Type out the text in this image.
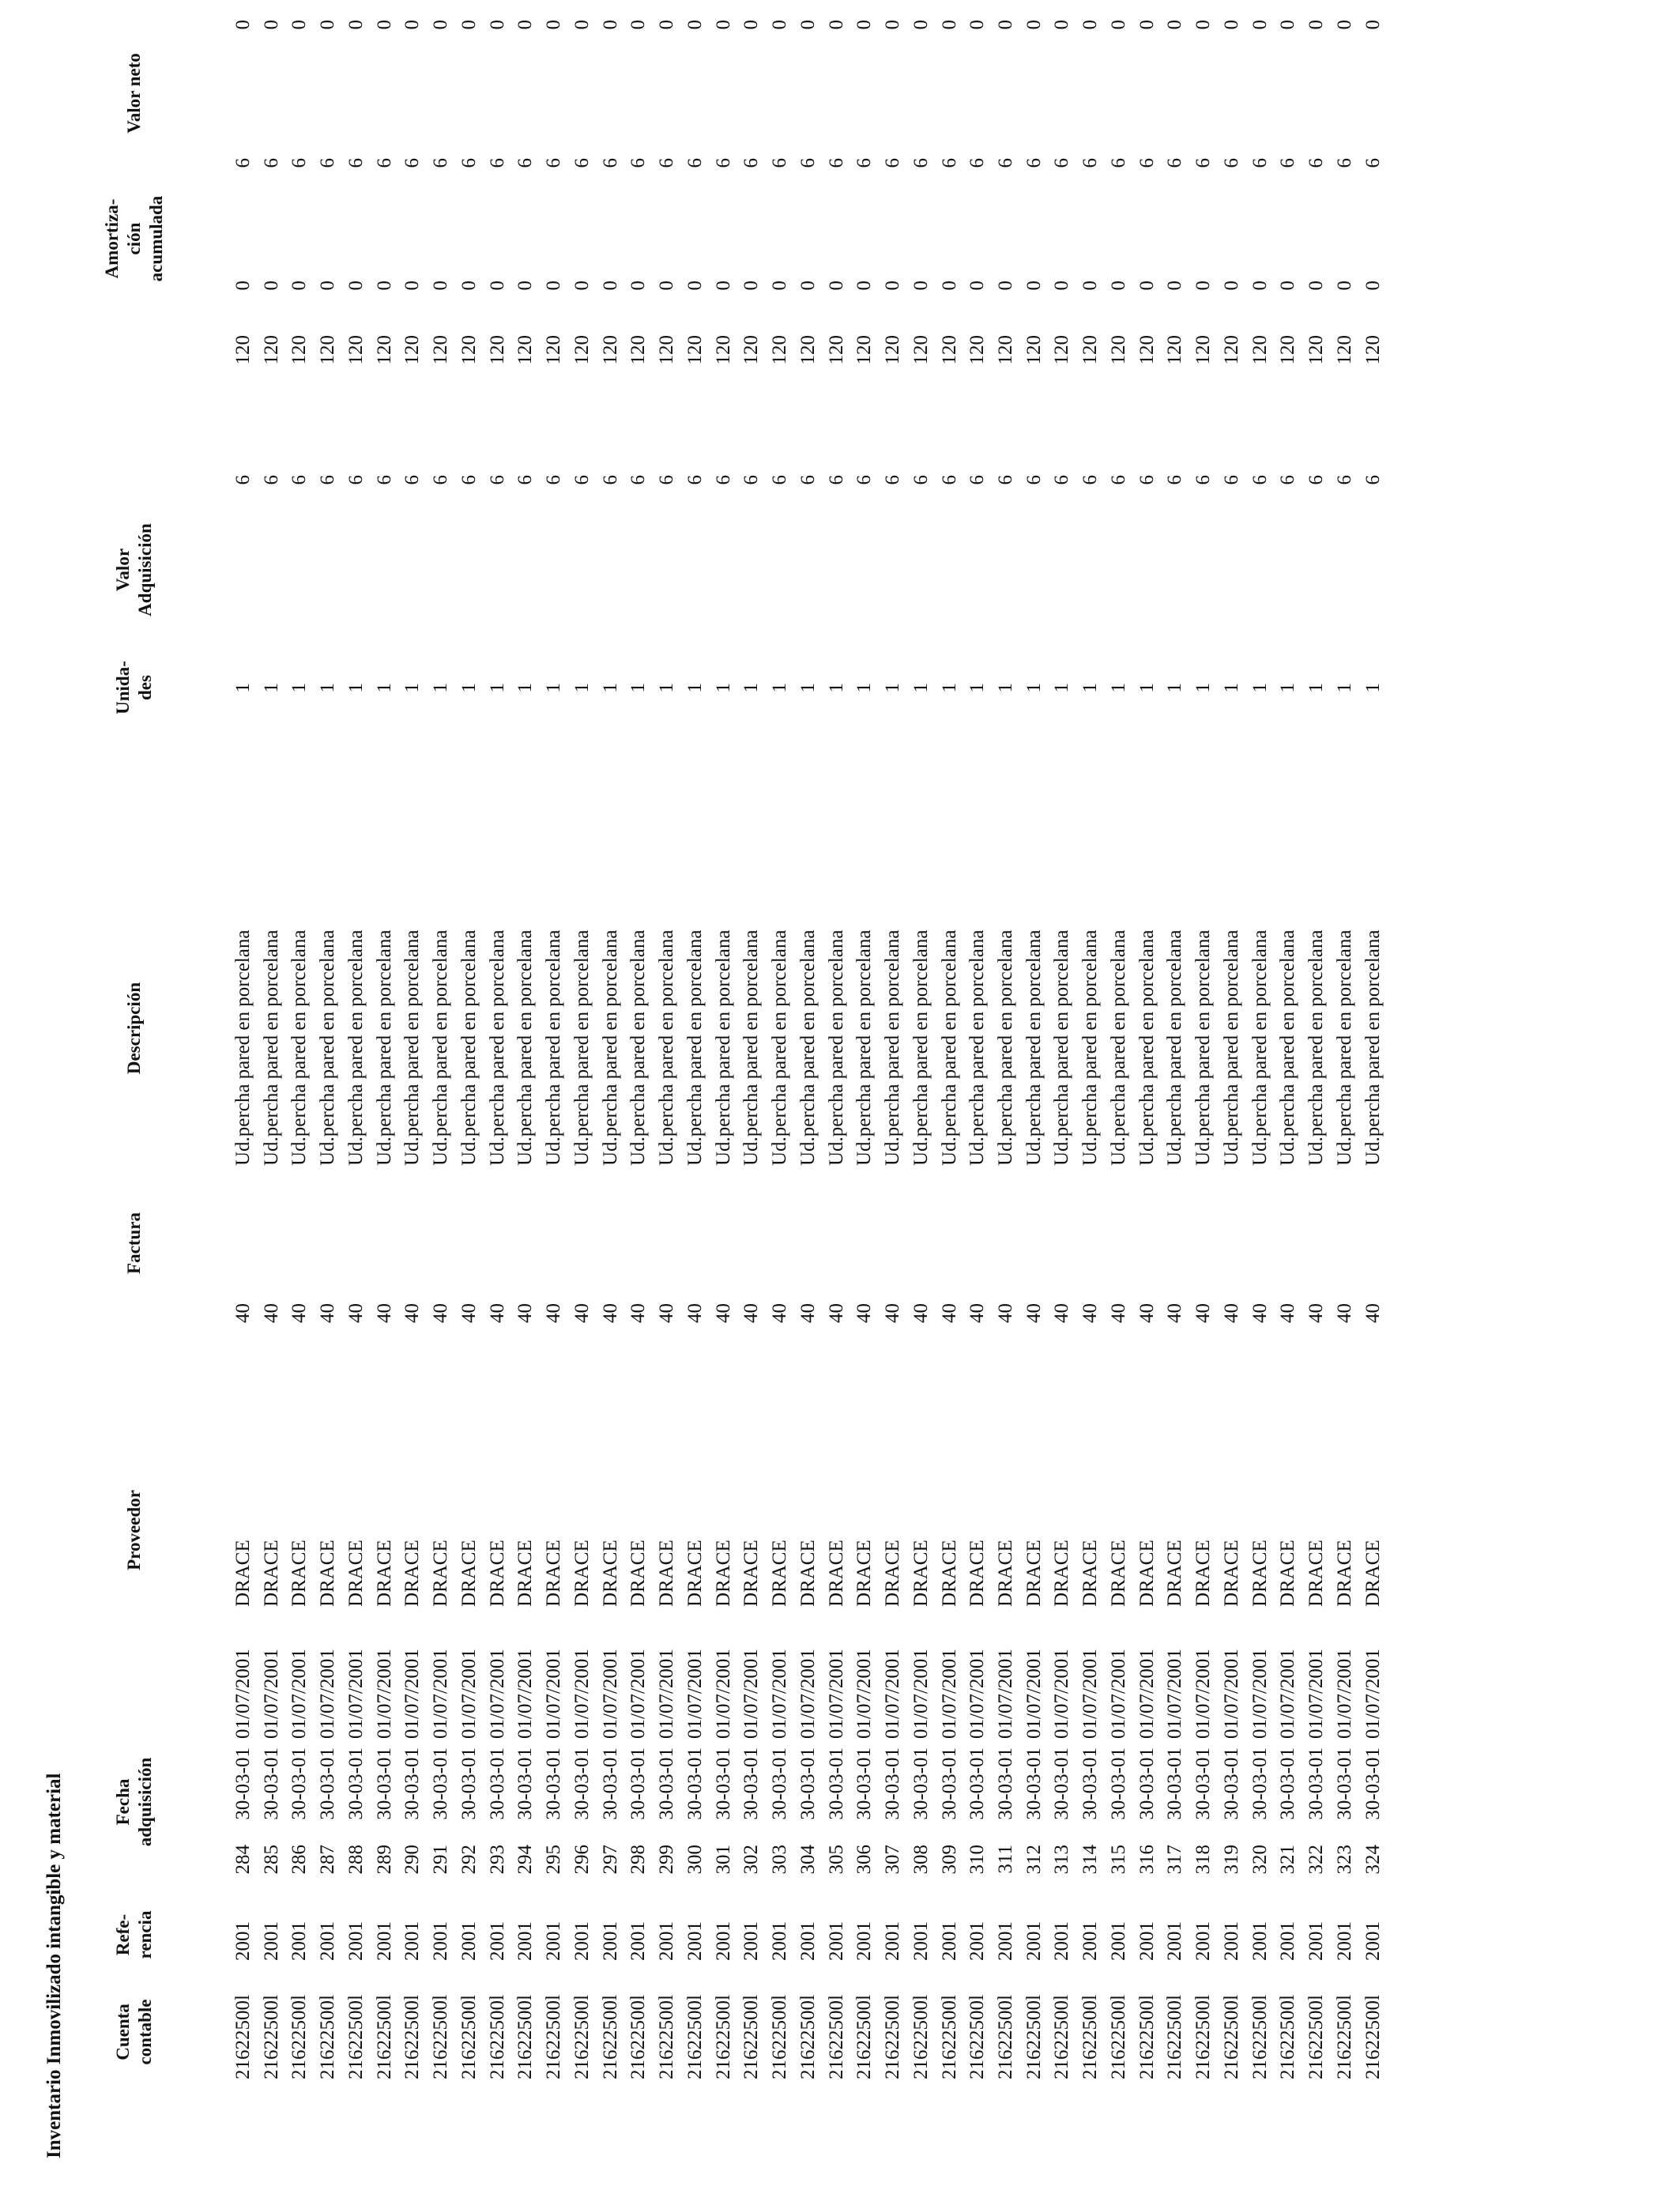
Inventario Inmovilizado intangible y material	Cuenta contable
Refe- rencia
Fecha adquisición
Proveedor
Factura
Descripción
Unida- des
Valor Adquisición
Amortiza- ción acumulada
Valor neto
21622500l
2001
284
30-03-01
01/07/2001
DRACE
40
Ud.percha pared en porcelana
1
6
120
0
6
0
21622500l
2001
285
30-03-01
01/07/2001
DRACE
40
Ud.percha pared en porcelana
1
6
120
0
6
0
21622500l
2001
286
30-03-01
01/07/2001
DRACE
40
Ud.percha pared en porcelana
1
6
120
0
6
0
21622500l
2001
287
30-03-01
01/07/2001
DRACE
40
Ud.percha pared en porcelana
1
6
120
0
6
0
21622500l
2001
288
30-03-01
01/07/2001
DRACE
40
Ud.percha pared en porcelana
1
6
120
0
6
0
21622500l
2001
289
30-03-01
01/07/2001
DRACE
40
Ud.percha pared en porcelana
1
6
120
0
6
0
21622500l
2001
290
30-03-01
01/07/2001
DRACE
40
Ud.percha pared en porcelana
1
6
120
0
6
0
21622500l
2001
291
30-03-01
01/07/2001
DRACE
40
Ud.percha pared en porcelana
1
6
120
0
6
0
21622500l
2001
292
30-03-01
01/07/2001
DRACE
40
Ud.percha pared en porcelana
1
6
120
0
6
0
21622500l
2001
293
30-03-01
01/07/2001
DRACE
40
Ud.percha pared en porcelana
1
6
120
0
6
0
21622500l
2001
294
30-03-01
01/07/2001
DRACE
40
Ud.percha pared en porcelana
1
6
120
0
6
0
21622500l
2001
295
30-03-01
01/07/2001
DRACE
40
Ud.percha pared en porcelana
1
6
120
0
6
0
21622500l
2001
296
30-03-01
01/07/2001
DRACE
40
Ud.percha pared en porcelana
1
6
120
0
6
0
21622500l
2001
297
30-03-01
01/07/2001
DRACE
40
Ud.percha pared en porcelana
1
6
120
0
6
0
21622500l
2001
298
30-03-01
01/07/2001
DRACE
40
Ud.percha pared en porcelana
1
6
120
0
6
0
21622500l
2001
299
30-03-01
01/07/2001
DRACE
40
Ud.percha pared en porcelana
1
6
120
0
6
0
21622500l
2001
300
30-03-01
01/07/2001
DRACE
40
Ud.percha pared en porcelana
1
6
120
0
6
0
21622500l
2001
301
30-03-01
01/07/2001
DRACE
40
Ud.percha pared en porcelana
1
6
120
0
6
0
21622500l
2001
302
30-03-01
01/07/2001
DRACE
40
Ud.percha pared en porcelana
1
6
120
0
6
0
21622500l
2001
303
30-03-01
01/07/2001
DRACE
40
Ud.percha pared en porcelana
1
6
120
0
6
0
21622500l
2001
304
30-03-01
01/07/2001
DRACE
40
Ud.percha pared en porcelana
1
6
120
0
6
0
21622500l
2001
305
30-03-01
01/07/2001
DRACE
40
Ud.percha pared en porcelana
1
6
120
0
6
0
21622500l
2001
306
30-03-01
01/07/2001
DRACE
40
Ud.percha pared en porcelana
1
6
120
0
6
0
21622500l
2001
307
30-03-01
01/07/2001
DRACE
40
Ud.percha pared en porcelana
1
6
120
0
6
0
21622500l
2001
308
30-03-01
01/07/2001
DRACE
40
Ud.percha pared en porcelana
1
6
120
0
6
0
21622500l
2001
309
30-03-01
01/07/2001
DRACE
40
Ud.percha pared en porcelana
1
6
120
0
6
0
21622500l
2001
310
30-03-01
01/07/2001
DRACE
40
Ud.percha pared en porcelana
1
6
120
0
6
0
21622500l
2001
311
30-03-01
01/07/2001
DRACE
40
Ud.percha pared en porcelana
1
6
120
0
6
0
21622500l
2001
312
30-03-01
01/07/2001
DRACE
40
Ud.percha pared en porcelana
1
6
120
0
6
0
21622500l
2001
313
30-03-01
01/07/2001
DRACE
40
Ud.percha pared en porcelana
1
6
120
0
6
0
21622500l
2001
314
30-03-01
01/07/2001
DRACE
40
Ud.percha pared en porcelana
1
6
120
0
6
0
21622500l
2001
315
30-03-01
01/07/2001
DRACE
40
Ud.percha pared en porcelana
1
6
120
0
6
0
21622500l
2001
316
30-03-01
01/07/2001
DRACE
40
Ud.percha pared en porcelana
1
6
120
0
6
0
21622500l
2001
317
30-03-01
01/07/2001
DRACE
40
Ud.percha pared en porcelana
1
6
120
0
6
0
21622500l
2001
318
30-03-01
01/07/2001
DRACE
40
Ud.percha pared en porcelana
1
6
120
0
6
0
21622500l
2001
319
30-03-01
01/07/2001
DRACE
40
Ud.percha pared en porcelana
1
6
120
0
6
0
21622500l
2001
320
30-03-01
01/07/2001
DRACE
40
Ud.percha pared en porcelana
1
6
120
0
6
0
21622500l
2001
321
30-03-01
01/07/2001
DRACE
40
Ud.percha pared en porcelana
1
6
120
0
6
0
21622500l
2001
322
30-03-01
01/07/2001
DRACE
40
Ud.percha pared en porcelana
1
6
120
0
6
0
21622500l
2001
323
30-03-01
01/07/2001
DRACE
40
Ud.percha pared en porcelana
1
6
120
0
6
0
21622500l
2001
324
30-03-01
01/07/2001
DRACE
40
Ud.percha pared en porcelana
1
6
120
0
6
0
